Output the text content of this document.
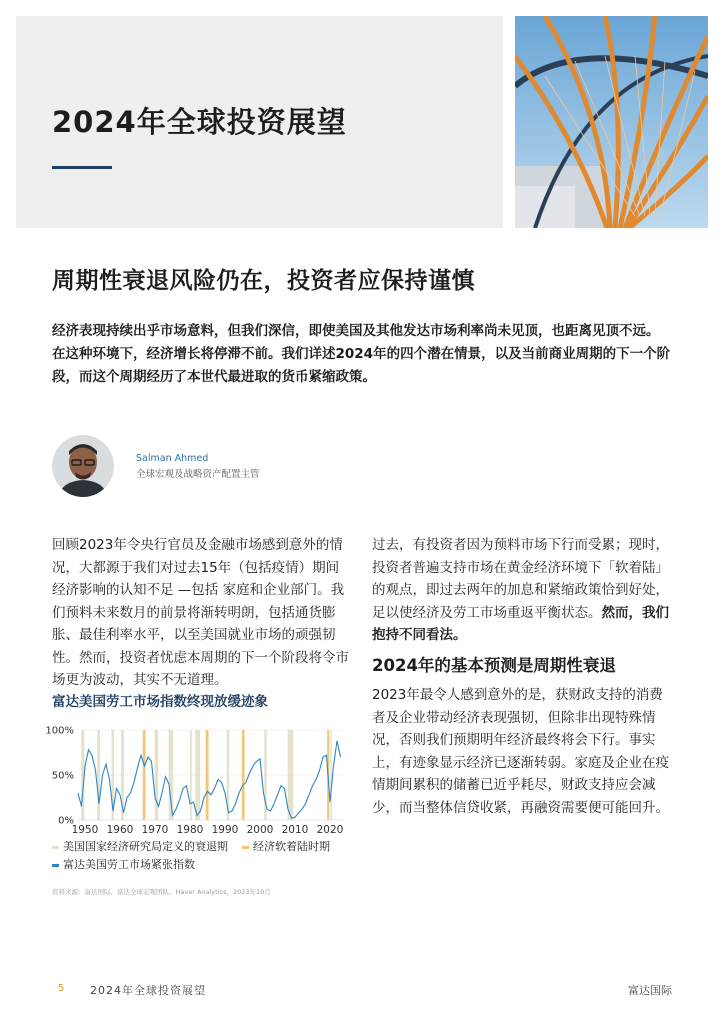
2024年全球投资展望
周期性衰退风险仍在，投资者应保持谨慎

经济表现持续出乎市场意料，但我们深信，即使美国及其他发达市场利率尚未见顶，也距离见顶不远。在这种环境下，经济增长将停滞不前。我们详述2024年的四个潜在情景，以及当前商业周期的下一个阶段，而这个周期经历了本世代最进取的货币紧缩政策。

Salman Ahmed
全球宏观及战略资产配置主管

回顾2023年令央行官员及金融市场感到意外的情况，大都源于我们对过去15年（包括疫情）期间经济影响的认知不足 —包括 家庭和企业部门。我们预料未来数月的前景将渐转明朗，包括通货膨胀、最佳利率水平，以至美国就业市场的顽强韧性。然而，投资者忧虑本周期的下一个阶段将令市场更为波动，其实不无道理。

过去，有投资者因为预料市场下行而受累；现时，投资者普遍支持市场在黄金经济环境下「软着陆」的观点，即过去两年的加息和紧缩政策恰到好处，足以使经济及劳工市场重返平衡状态。然而，我们抱持不同看法。

2024年的基本预测是周期性衰退

2023年最令人感到意外的是，获财政支持的消费者及企业带动经济表现强韧，但除非出现特殊情况，否则我们预期明年经济最终将会下行。事实上，有迹象显示经济已逐渐转弱。家庭及企业在疫情期间累积的储蓄已近乎耗尽，财政支持应会减少，而当整体信贷收紧，再融资需要便可能回升。

富达美国劳工市场指数终现放缓迹象
0%
50%
100%
1950 1960 1970 1980 1990 2000 2010 2020
美国国家经济研究局定义的衰退期 经济软着陆时期
富达美国劳工市场紧张指数
资料来源：富达国际、富达全球宏观团队、Haver Analytics，2023年10月
5 2024年全球投资展望	富达国际
